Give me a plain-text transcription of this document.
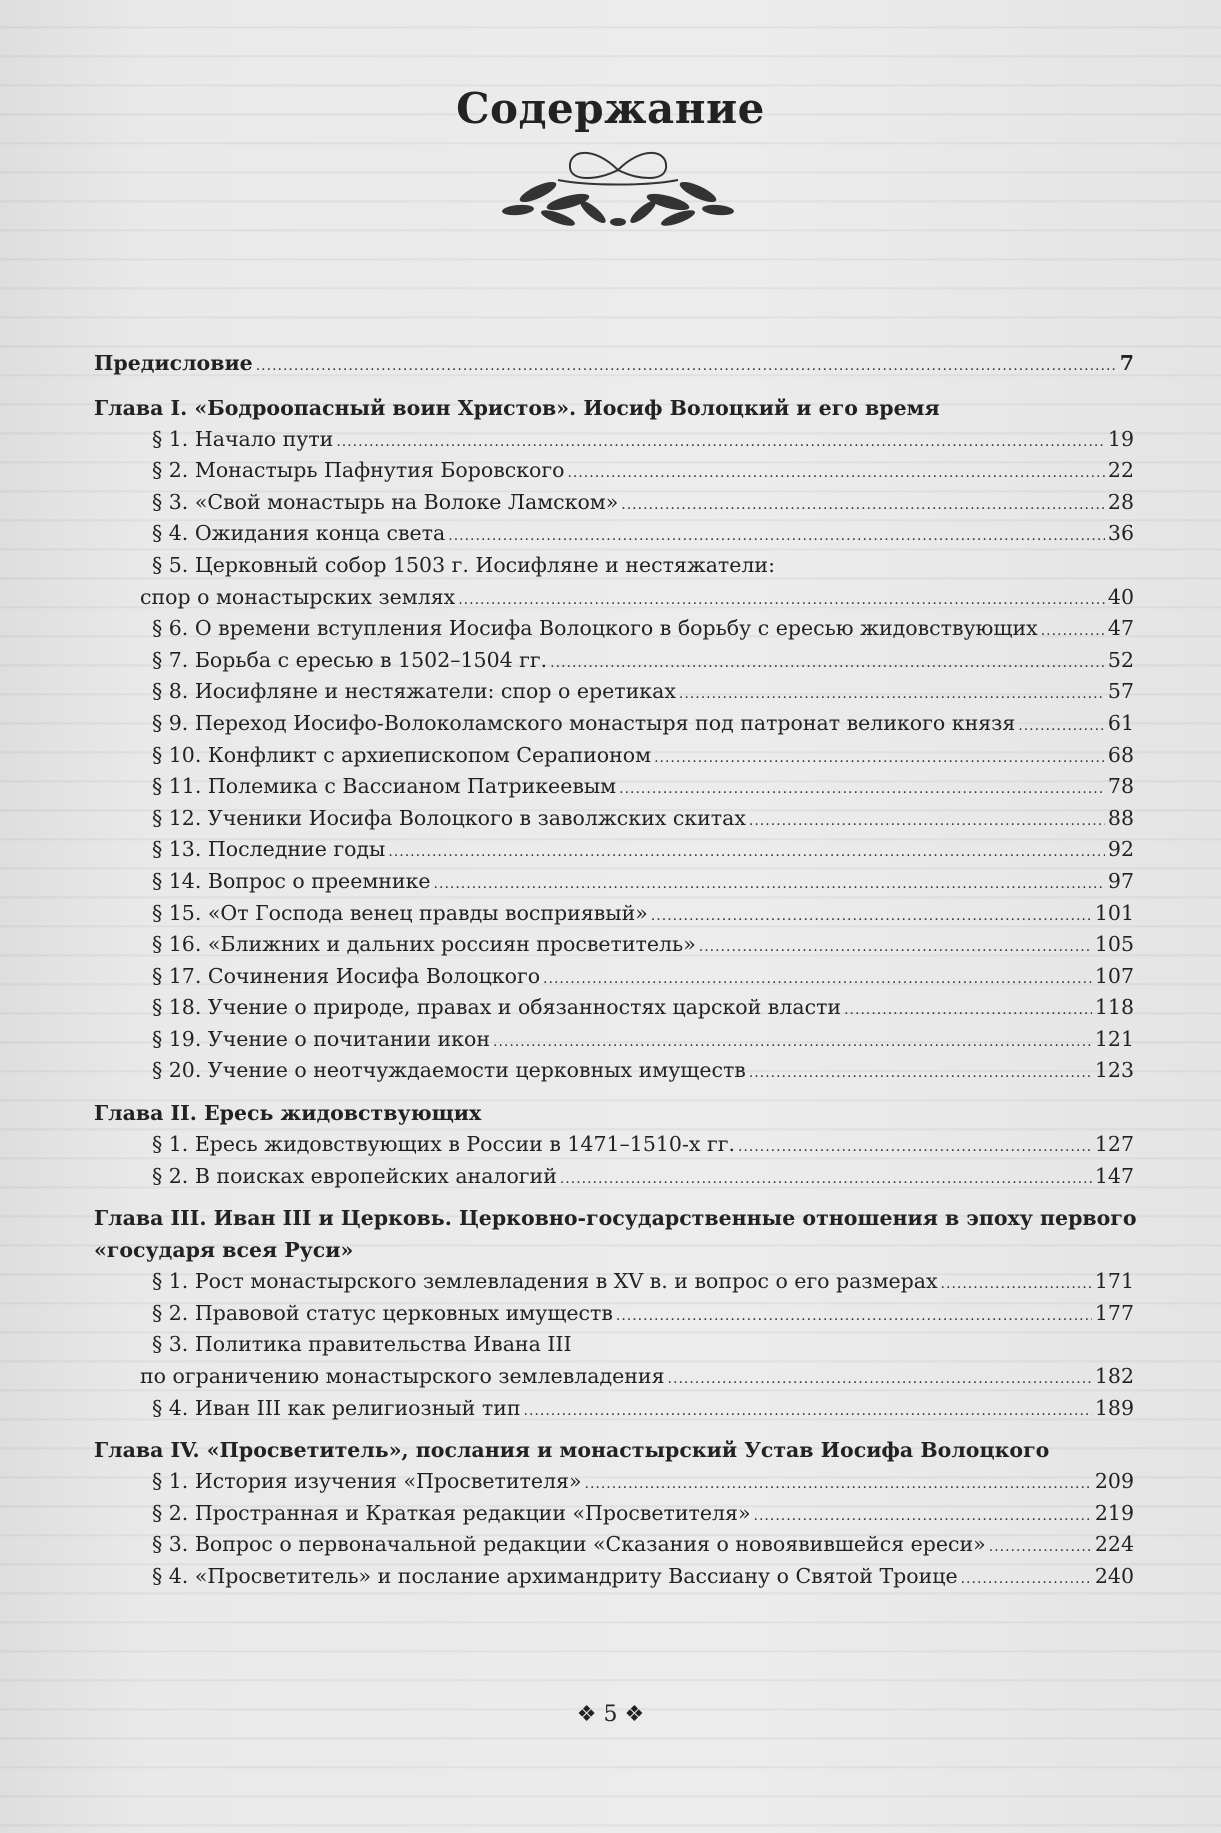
Содержание
Предисловие .....	7
Глава I. «Бодроопасный воин Христов». Иосиф Волоцкий и его время
§ 1. Начало пути .....	19
§ 2. Монастырь Пафнутия Боровского .....	22
§ 3. «Свой монастырь на Волоке Ламском» .....	28
§ 4. Ожидания конца света .....	36
§ 5. Церковный собор 1503 г. Иосифляне и нестяжатели:
спор о монастырских землях .....	40
§ 6. О времени вступления Иосифа Волоцкого в борьбу с ересью жидовствующих .....	47
§ 7. Борьба с ересью в 1502–1504 гг. .....	52
§ 8. Иосифляне и нестяжатели: спор о еретиках .....	57
§ 9. Переход Иосифо-Волоколамского монастыря под патронат великого князя .....	61
§ 10. Конфликт с архиепископом Серапионом .....	68
§ 11. Полемика с Вассианом Патрикеевым .....	78
§ 12. Ученики Иосифа Волоцкого в заволжских скитах .....	88
§ 13. Последние годы .....	92
§ 14. Вопрос о преемнике .....	97
§ 15. «От Господа венец правды восприявый» .....	101
§ 16. «Ближних и дальних россиян просветитель» .....	105
§ 17. Сочинения Иосифа Волоцкого .....	107
§ 18. Учение о природе, правах и обязанностях царской власти .....	118
§ 19. Учение о почитании икон .....	121
§ 20. Учение о неотчуждаемости церковных имуществ .....	123
Глава II. Ересь жидовствующих
§ 1. Ересь жидовствующих в России в 1471–1510-х гг. .....	127
§ 2. В поисках европейских аналогий .....	147
Глава III. Иван III и Церковь. Церковно-государственные отношения в эпоху первого
«государя всея Руси»
§ 1. Рост монастырского землевладения в XV в. и вопрос о его размерах .....	171
§ 2. Правовой статус церковных имуществ .....	177
§ 3. Политика правительства Ивана III
по ограничению монастырского землевладения .....	182
§ 4. Иван III как религиозный тип .....	189
Глава IV. «Просветитель», послания и монастырский Устав Иосифа Волоцкого
§ 1. История изучения «Просветителя» .....	209
§ 2. Пространная и Краткая редакции «Просветителя» .....	219
§ 3. Вопрос о первоначальной редакции «Сказания о новоявившейся ереси» .....	224
§ 4. «Просветитель» и послание архимандриту Вассиану о Святой Троице .....	240
❖ 5 ❖
